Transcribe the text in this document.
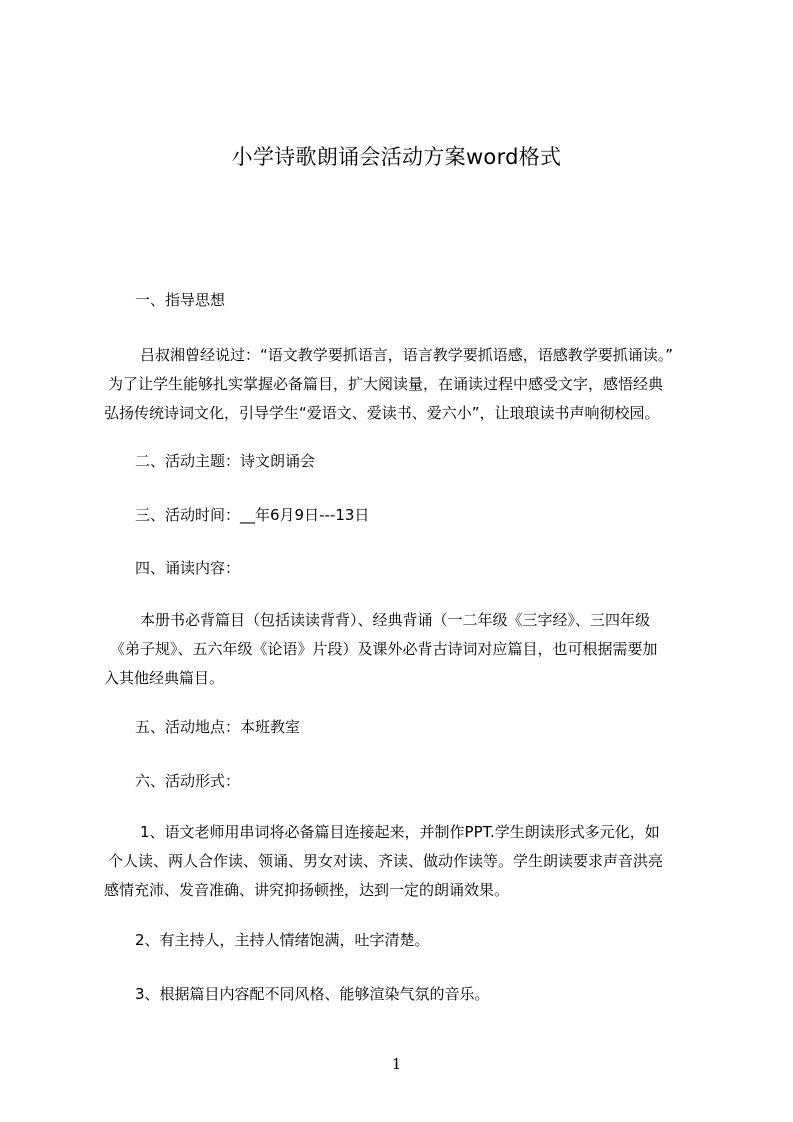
小学诗歌朗诵会活动方案word格式
一、指导思想
吕叔湘曾经说过：“语文教学要抓语言，语言教学要抓语感，语感教学要抓诵读。”
为了让学生能够扎实掌握必备篇目，扩大阅读量，在诵读过程中感受文字，感悟经典
弘扬传统诗词文化，引导学生“爱语文、爱读书、爱六小”，让琅琅读书声响彻校园。
二、活动主题：诗文朗诵会
三、活动时间：__年6月9日---13日
四、诵读内容：
本册书必背篇目（包括读读背背）、经典背诵（一二年级《三字经》、三四年级
《弟子规》、五六年级《论语》片段）及课外必背古诗词对应篇目，也可根据需要加
入其他经典篇目。
五、活动地点：本班教室
六、活动形式：
1、语文老师用串词将必备篇目连接起来，并制作PPT.学生朗读形式多元化，如
个人读、两人合作读、领诵、男女对读、齐读、做动作读等。学生朗读要求声音洪亮
感情充沛、发音准确、讲究抑扬顿挫，达到一定的朗诵效果。
2、有主持人，主持人情绪饱满，吐字清楚。
3、根据篇目内容配不同风格、能够渲染气氛的音乐。
1
